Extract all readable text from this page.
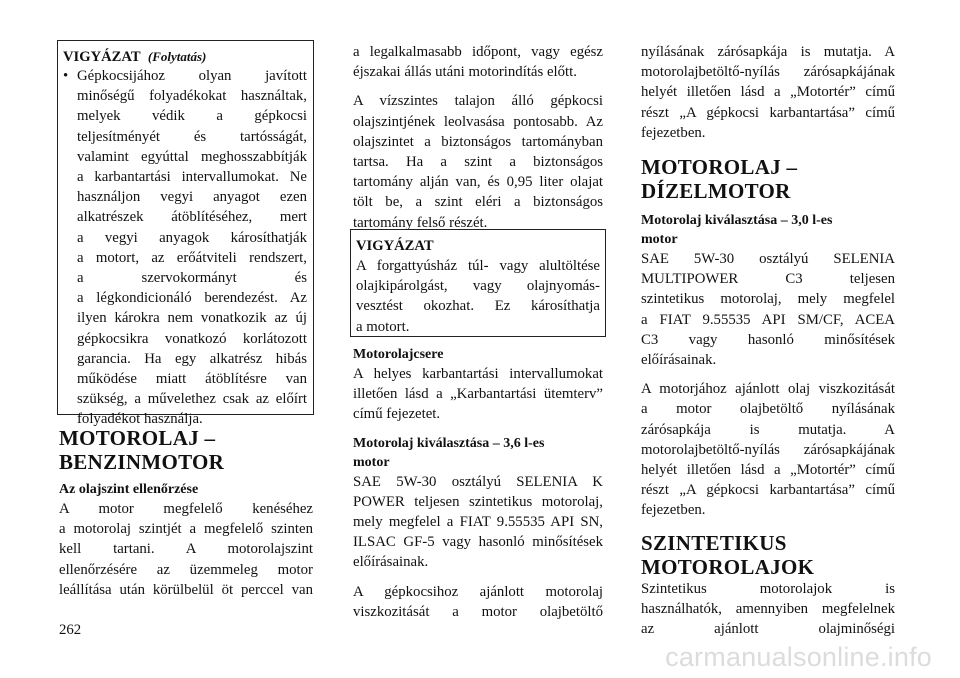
VIGYÁZAT (Folytatás)
• Gépkocsijához olyan javított

minőségű folyadékokat használtak,

melyek védik a gépkocsi

teljesítményét és tartósságát,

valamint egyúttal meghosszabbítják

a karbantartási intervallumokat. Ne

használjon vegyi anyagot ezen

alkatrészek átöblítéséhez, mert

a vegyi anyagok károsíthatják

a motort, az erőátviteli rendszert,

a szervokormányt és

a légkondicionáló berendezést. Az

ilyen károkra nem vonatkozik az új

gépkocsikra vonatkozó korlátozott

garancia. Ha egy alkatrész hibás

működése miatt átöblítésre van

szükség, a művelethez csak az előírt

folyadékot használja.

MOTOROLAJ –
BENZINMOTOR
Az olajszint ellenőrzése

A motor megfelelő kenéséhez

a motorolaj szintjét a megfelelő szinten

kell tartani. A motorolajszint

ellenőrzésére az üzemmeleg motor

leállítása után körülbelül öt perccel van

a legalkalmasabb időpont, vagy egész

éjszakai állás utáni motorindítás előtt.

A vízszintes talajon álló gépkocsi

olajszintjének leolvasása pontosabb. Az

olajszintet a biztonságos tartományban

tartsa. Ha a szint a biztonságos

tartomány alján van, és 0,95 liter olajat

tölt be, a szint eléri a biztonságos

tartomány felső részét.

VIGYÁZAT

A forgattyúsház túl- vagy alultöltése

olajkipárolgást, vagy olajnyomás-

vesztést okozhat. Ez károsíthatja

a motort.

Motorolajcsere

A helyes karbantartási intervallumokat

illetően lásd a „Karbantartási ütemterv”

című fejezetet.

Motorolaj kiválasztása – 3,6 l-es
motor

SAE 5W-30 osztályú SELENIA K

POWER teljesen szintetikus motorolaj,

mely megfelel a FIAT 9.55535 API SN,

ILSAC GF-5 vagy hasonló minősítések

előírásainak.

A gépkocsihoz ajánlott motorolaj

viszkozitását a motor olajbetöltő

nyílásának zárósapkája is mutatja. A

motorolajbetöltő-nyílás zárósapkájának

helyét illetően lásd a „Motortér” című

részt „A gépkocsi karbantartása” című

fejezetben.

MOTOROLAJ –
DÍZELMOTOR
Motorolaj kiválasztása – 3,0 l-es
motor

SAE 5W-30 osztályú SELENIA

MULTIPOWER C3 teljesen

szintetikus motorolaj, mely megfelel

a FIAT 9.55535 API SM/CF, ACEA

C3 vagy hasonló minősítések

előírásainak.

A motorjához ajánlott olaj viszkozitását

a motor olajbetöltő nyílásának

zárósapkája is mutatja. A

motorolajbetöltő-nyílás zárósapkájának

helyét illetően lásd a „Motortér” című

részt „A gépkocsi karbantartása” című

fejezetben.

SZINTETIKUS
MOTOROLAJOK

Szintetikus motorolajok is

használhatók, amennyiben megfelelnek

az ajánlott olajminőségi

262
carmanualsonline.info
